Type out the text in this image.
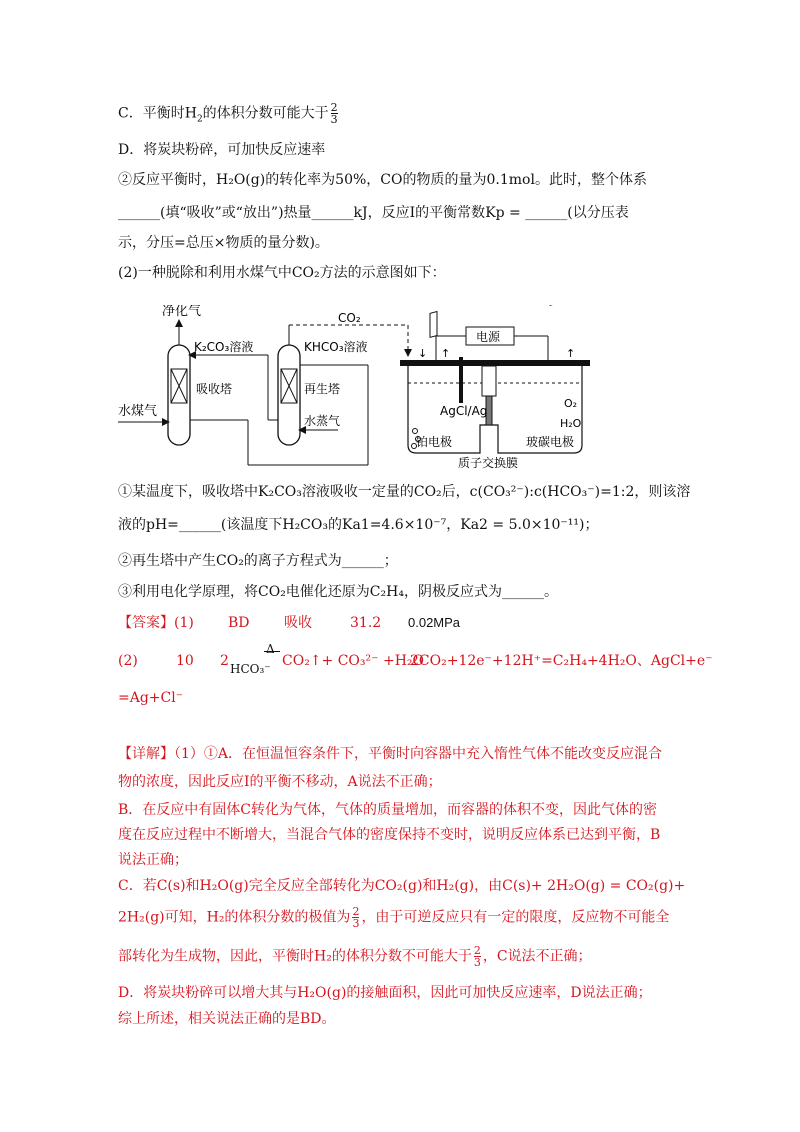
C．平衡时$H_2$的体积分数可能大于 $\frac{2}{3}$
D．将炭块粉碎，可加快反应速率
②反应平衡时，H₂O(g)的转化率为50%，CO的物质的量为0.1mol。此时，整个体系
______(填“吸收”或“放出”)热量______kJ，反应Ⅰ的平衡常数Kp = ______(以分压表
示，分压=总压×物质的量分数)。
(2)一种脱除和利用水煤气中CO₂方法的示意图如下：
净化气	CO₂
K₂CO₃溶液	KHCO₃溶液
吸收塔	再生塔
水煤气
水蒸气
电源
↓ ↑	↑
AgCl/Ag
O₂
H₂O
铂电极	玻碳电极
质子交换膜
①某温度下，吸收塔中K₂CO₃溶液吸收一定量的CO₂后，c(CO₃²⁻):c(HCO₃⁻)=1:2，则该溶
液的pH=______(该温度下H₂CO₃的Ka1=4.6×10⁻⁷，Ka2 = 5.0×10⁻¹¹)；
②再生塔中产生CO₂的离子方程式为______；
③利用电化学原理，将CO₂电催化还原为C₂H₄，阴极反应式为______。
【答案】(1) BD 吸收	31.2 0.02MPa
(2)	10 2 HCO₃⁻
Δ
CO₂↑+ CO₃²⁻ +H₂O
2CO₂+12e⁻+12H⁺=C₂H₄+4H₂O、AgCl+e⁻
=Ag+Cl⁻
【详解】（1）①A．在恒温恒容条件下，平衡时向容器中充入惰性气体不能改变反应混合
物的浓度，因此反应Ⅰ的平衡不移动，A说法不正确；
B．在反应中有固体C转化为气体，气体的质量增加，而容器的体积不变，因此气体的密
度在反应过程中不断增大，当混合气体的密度保持不变时，说明反应体系已达到平衡，B
说法正确；
C．若C(s)和H₂O(g)完全反应全部转化为CO₂(g)和H₂(g)，由C(s)+ 2H₂O(g) = CO₂(g)+
2H₂(g)可知，H₂的体积分数的极值为 $\frac{2}{3}$ ，由于可逆反应只有一定的限度，反应物不可能全
部转化为生成物，因此，平衡时H₂的体积分数不可能大于 $\frac{2}{3}$ ，C说法不正确；
D．将炭块粉碎可以增大其与H₂O(g)的接触面积，因此可加快反应速率，D说法正确；
综上所述，相关说法正确的是BD。
